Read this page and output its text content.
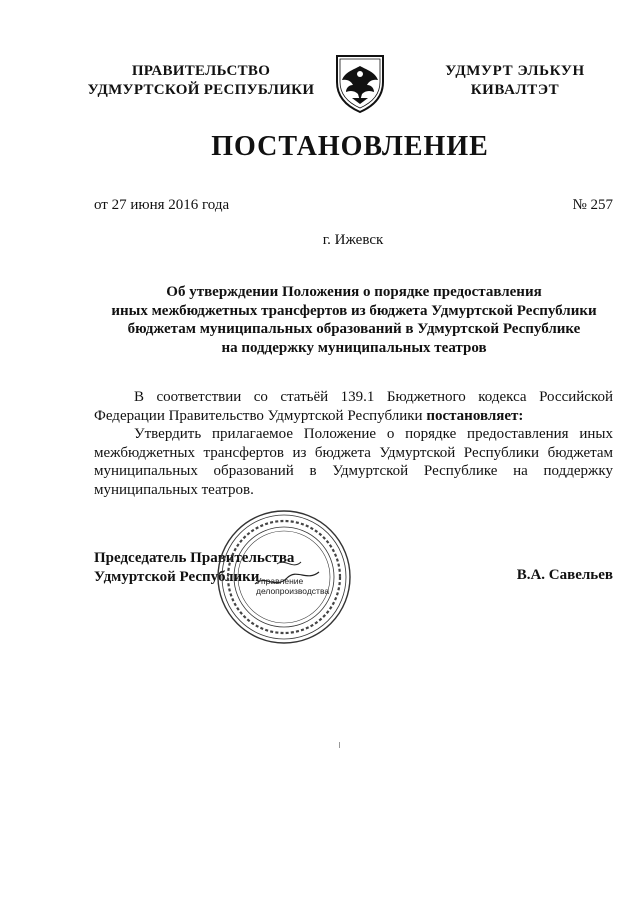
ПРАВИТЕЛЬСТВО
УДМУРТСКОЙ РЕСПУБЛИКИ
УДМУРТ ЭЛЬКУН
КИВАЛТЭТ
ПОСТАНОВЛЕНИЕ
от 27 июня 2016 года	№ 257
г. Ижевск
Об утверждении Положения о порядке предоставления
иных межбюджетных трансфертов из бюджета Удмуртской Республики
бюджетам муниципальных образований в Удмуртской Республике
на поддержку муниципальных театров

В соответствии со статьёй 139.1 Бюджетного кодекса Российской Федерации Правительство Удмуртской Республики постановляет:

Утвердить прилагаемое Положение о порядке предоставления иных межбюджетных трансфертов из бюджета Удмуртской Республики бюджетам муниципальных образований в Удмуртской Республике на поддержку муниципальных театров.

Председатель Правительства
Удмуртской Республики	В.А. Савельев
Управление
делопроизводства
